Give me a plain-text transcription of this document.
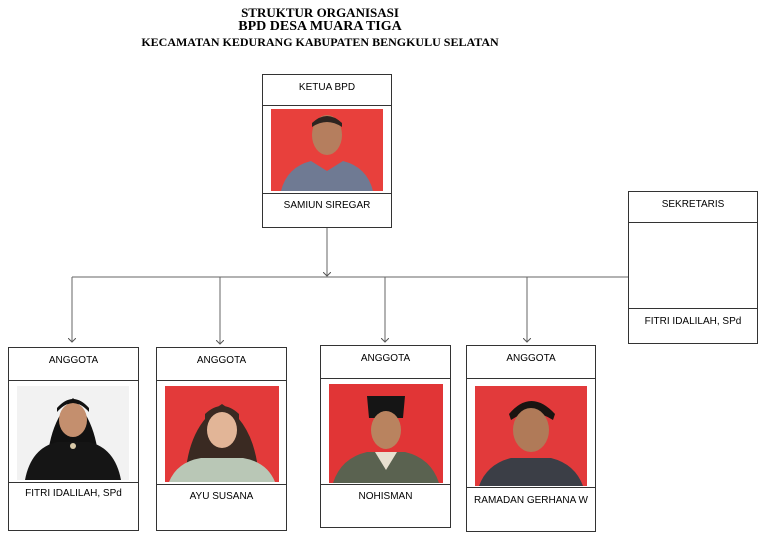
STRUKTUR ORGANISASI
BPD DESA MUARA TIGA
KECAMATAN KEDURANG KABUPATEN BENGKULU SELATAN
KETUA BPD
SAMIUN SIREGAR	SEKRETARIS
FITRI IDALILAH, SPd
ANGGOTA
FITRI IDALILAH, SPd
ANGGOTA
AYU SUSANA
ANGGOTA
NOHISMAN
ANGGOTA
RAMADAN GERHANA W
